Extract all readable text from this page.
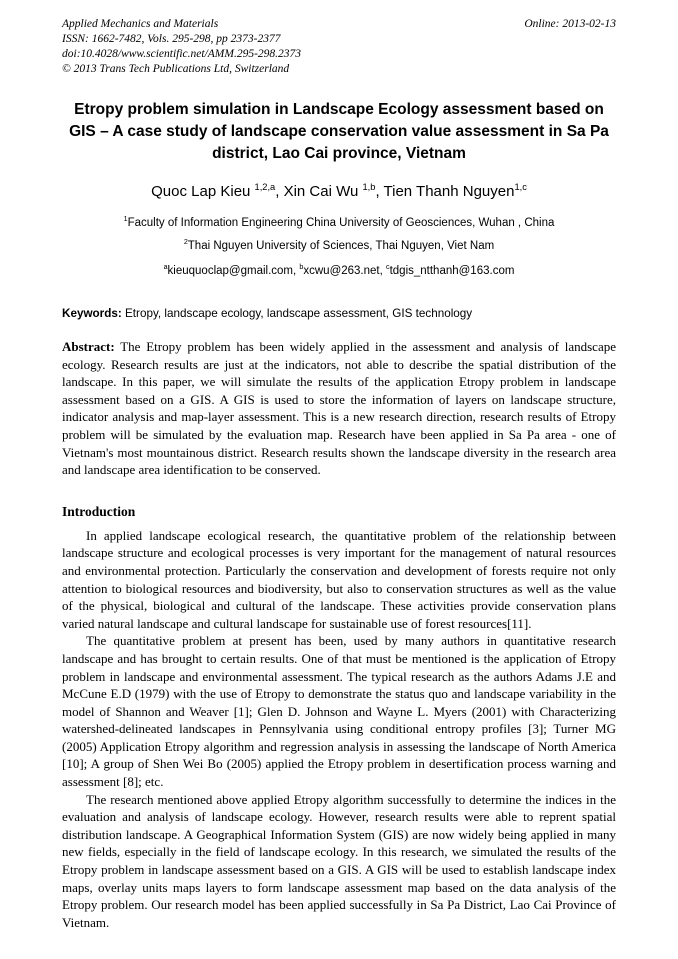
Applied Mechanics and Materials
ISSN: 1662-7482, Vols. 295-298, pp 2373-2377
doi:10.4028/www.scientific.net/AMM.295-298.2373
© 2013 Trans Tech Publications Ltd, Switzerland
Online: 2013-02-13
Etropy problem simulation in Landscape Ecology assessment based on GIS – A case study of landscape conservation value assessment in Sa Pa district, Lao Cai province, Vietnam
Quoc Lap Kieu $^{1,2,a}$, Xin Cai Wu $^{1,b}$, Tien Thanh Nguyen$^{1,c}$
$^1$Faculty of Information Engineering China University of Geosciences, Wuhan , China
$^2$Thai Nguyen University of Sciences, Thai Nguyen, Viet Nam
$^a$kieuquoclap@gmail.com, $^b$xcwu@263.net, $^c$tdgis_ntthanh@163.com
Keywords: Etropy, landscape ecology, landscape assessment, GIS technology

Abstract: The Etropy problem has been widely applied in the assessment and analysis of landscape ecology. Research results are just at the indicators, not able to describe the spatial distribution of the landscape. In this paper, we will simulate the results of the application Etropy problem in landscape assessment based on a GIS. A GIS is used to store the information of layers on landscape structure, indicator analysis and map-layer assessment. This is a new research direction, research results of Etropy problem will be simulated by the evaluation map. Research have been applied in Sa Pa area - one of Vietnam's most mountainous district. Research results shown the landscape diversity in the research area and landscape area identification to be conserved.

Introduction

In applied landscape ecological research, the quantitative problem of the relationship between landscape structure and ecological processes is very important for the management of natural resources and environmental protection. Particularly the conservation and development of forests require not only attention to biological resources and biodiversity, but also to conservation structures as well as the value of the physical, biological and cultural of the landscape. These activities provide conservation plans varied natural landscape and cultural landscape for sustainable use of forest resources[11].

The quantitative problem at present has been, used by many authors in quantitative research landscape and has brought to certain results. One of that must be mentioned is the application of Etropy problem in landscape and environmental assessment. The typical research as the authors Adams J.E and McCune E.D (1979) with the use of Etropy to demonstrate the status quo and landscape variability in the model of Shannon and Weaver [1]; Glen D. Johnson and Wayne L. Myers (2001) with Characterizing watershed-delineated landscapes in Pennsylvania using conditional entropy profiles [3]; Turner MG (2005) Application Etropy algorithm and regression analysis in assessing the landscape of North America [10]; A group of Shen Wei Bo (2005) applied the Etropy problem in desertification process warning and assessment [8]; etc.

The research mentioned above applied Etropy algorithm successfully to determine the indices in the evaluation and analysis of landscape ecology. However, research results were able to reprent spatial distribution landscape. A Geographical Information System (GIS) are now widely being applied in many new fields, especially in the field of landscape ecology. In this research, we simulated the results of the Etropy problem in landscape assessment based on a GIS. A GIS will be used to establish landscape index maps, overlay units maps layers to form landscape assessment map based on the data analysis of the Etropy problem. Our research model has been applied successfully in Sa Pa District, Lao Cai Province of Vietnam.
